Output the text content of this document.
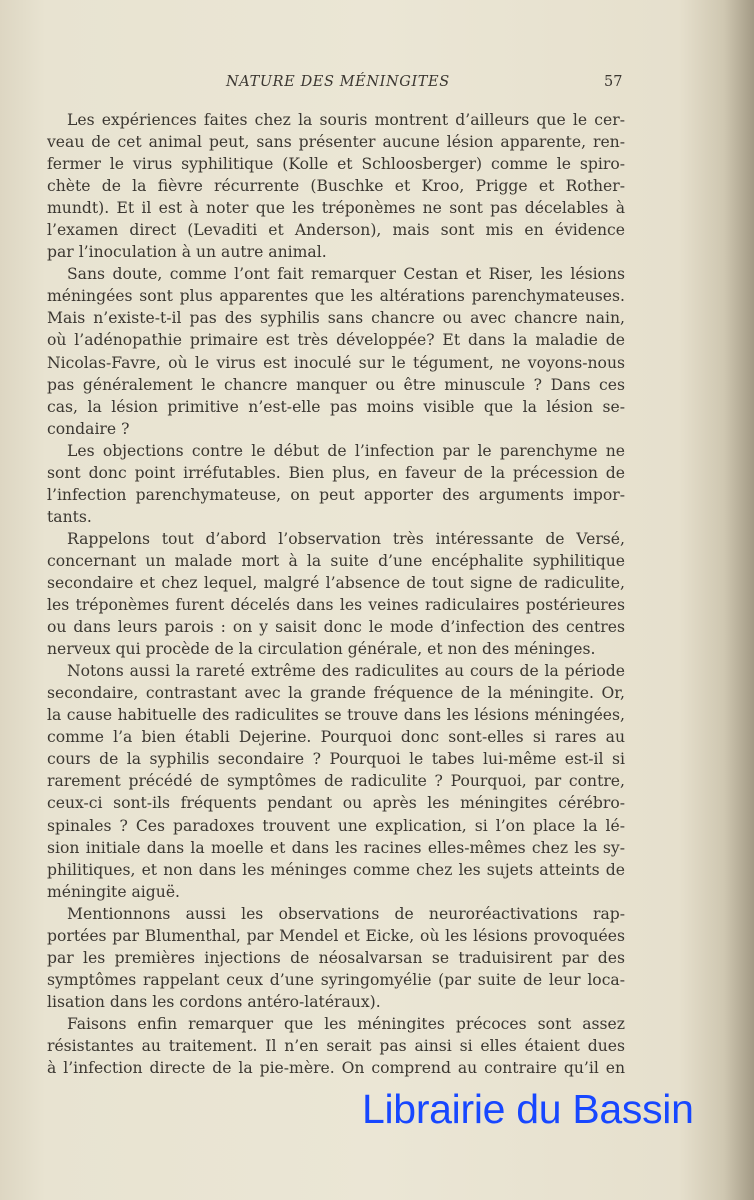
NATURE DES MÉNINGITES	57
Les expériences faites chez la souris montrent d’ailleurs que le cer-
veau de cet animal peut, sans présenter aucune lésion apparente, ren-
fermer le virus syphilitique (Kolle et Schloosberger) comme le spiro-
chète de la fièvre récurrente (Buschke et Kroo, Prigge et Rother-
mundt). Et il est à noter que les tréponèmes ne sont pas décelables à
l’examen direct (Levaditi et Anderson), mais sont mis en évidence
par l’inoculation à un autre animal.
Sans doute, comme l’ont fait remarquer Cestan et Riser, les lésions
méningées sont plus apparentes que les altérations parenchymateuses.
Mais n’existe-t-il pas des syphilis sans chancre ou avec chancre nain,
où l’adénopathie primaire est très développée? Et dans la maladie de
Nicolas-Favre, où le virus est inoculé sur le tégument, ne voyons-nous
pas généralement le chancre manquer ou être minuscule ? Dans ces
cas, la lésion primitive n’est-elle pas moins visible que la lésion se-
condaire ?
Les objections contre le début de l’infection par le parenchyme ne
sont donc point irréfutables. Bien plus, en faveur de la précession de
l’infection parenchymateuse, on peut apporter des arguments impor-
tants.
Rappelons tout d’abord l’observation très intéressante de Versé,
concernant un malade mort à la suite d’une encéphalite syphilitique
secondaire et chez lequel, malgré l’absence de tout signe de radiculite,
les tréponèmes furent décelés dans les veines radiculaires postérieures
ou dans leurs parois : on y saisit donc le mode d’infection des centres
nerveux qui procède de la circulation générale, et non des méninges.
Notons aussi la rareté extrême des radiculites au cours de la période
secondaire, contrastant avec la grande fréquence de la méningite. Or,
la cause habituelle des radiculites se trouve dans les lésions méningées,
comme l’a bien établi Dejerine. Pourquoi donc sont-elles si rares au
cours de la syphilis secondaire ? Pourquoi le tabes lui-même est-il si
rarement précédé de symptômes de radiculite ? Pourquoi, par contre,
ceux-ci sont-ils fréquents pendant ou après les méningites cérébro-
spinales ? Ces paradoxes trouvent une explication, si l’on place la lé-
sion initiale dans la moelle et dans les racines elles-mêmes chez les sy-
philitiques, et non dans les méninges comme chez les sujets atteints de
méningite aiguë.
Mentionnons aussi les observations de neuroréactivations rap-
portées par Blumenthal, par Mendel et Eicke, où les lésions provoquées
par les premières injections de néosalvarsan se traduisirent par des
symptômes rappelant ceux d’une syringomyélie (par suite de leur loca-
lisation dans les cordons antéro-latéraux).
Faisons enfin remarquer que les méningites précoces sont assez
résistantes au traitement. Il n’en serait pas ainsi si elles étaient dues
à l’infection directe de la pie-mère. On comprend au contraire qu’il en
Librairie du Bassin
